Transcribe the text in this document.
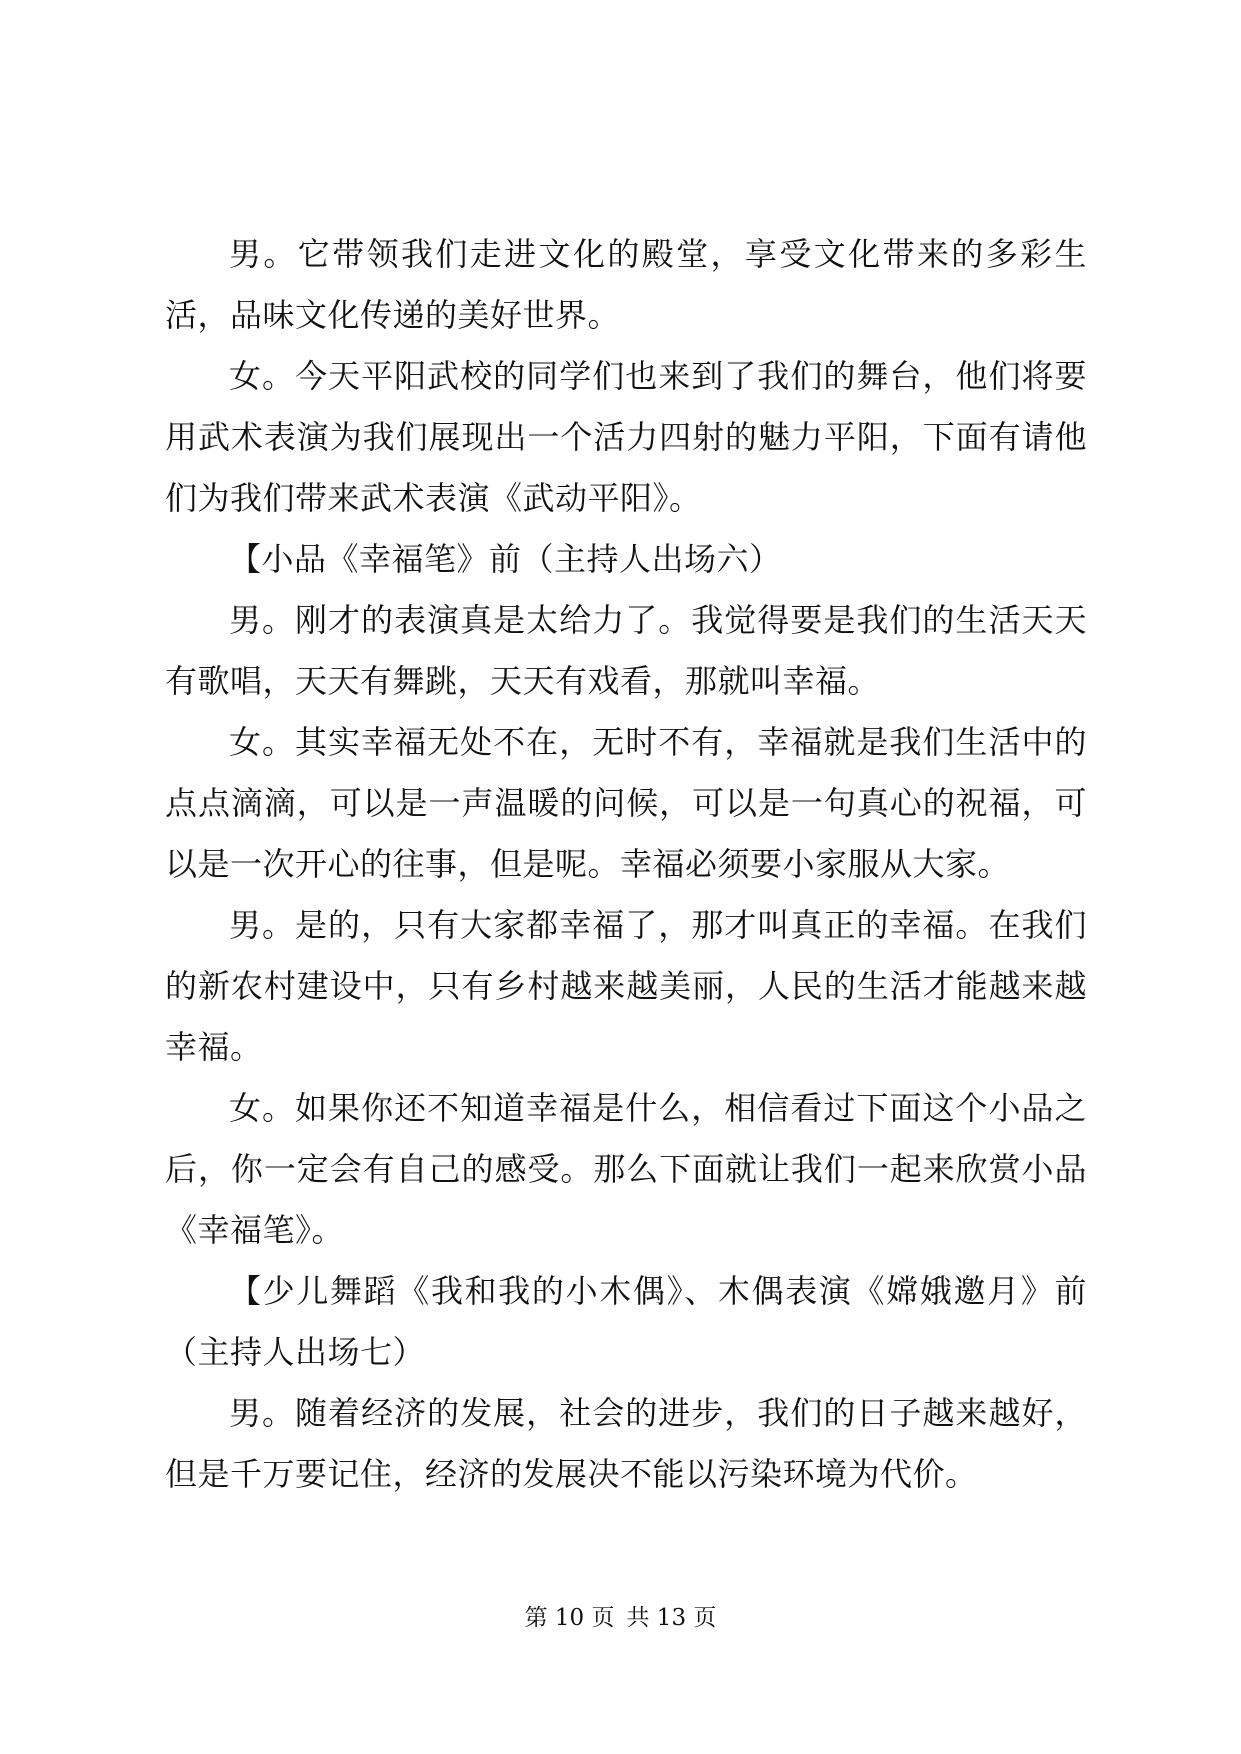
男。它带领我们走进文化的殿堂，享受文化带来的多彩生活，品味文化传递的美好世界。

女。今天平阳武校的同学们也来到了我们的舞台，他们将要用武术表演为我们展现出一个活力四射的魅力平阳，下面有请他们为我们带来武术表演《武动平阳》。

【小品《幸福笔》前（主持人出场六）

男。刚才的表演真是太给力了。我觉得要是我们的生活天天有歌唱，天天有舞跳，天天有戏看，那就叫幸福。

女。其实幸福无处不在，无时不有，幸福就是我们生活中的点点滴滴，可以是一声温暖的问候，可以是一句真心的祝福，可以是一次开心的往事，但是呢。幸福必须要小家服从大家。

男。是的，只有大家都幸福了，那才叫真正的幸福。在我们的新农村建设中，只有乡村越来越美丽，人民的生活才能越来越幸福。

女。如果你还不知道幸福是什么，相信看过下面这个小品之后，你一定会有自己的感受。那么下面就让我们一起来欣赏小品《幸福笔》。

【少儿舞蹈《我和我的小木偶》、木偶表演《嫦娥邀月》前（主持人出场七）

男。随着经济的发展，社会的进步，我们的日子越来越好，但是千万要记住，经济的发展决不能以污染环境为代价。

第 10 页 共 13 页
